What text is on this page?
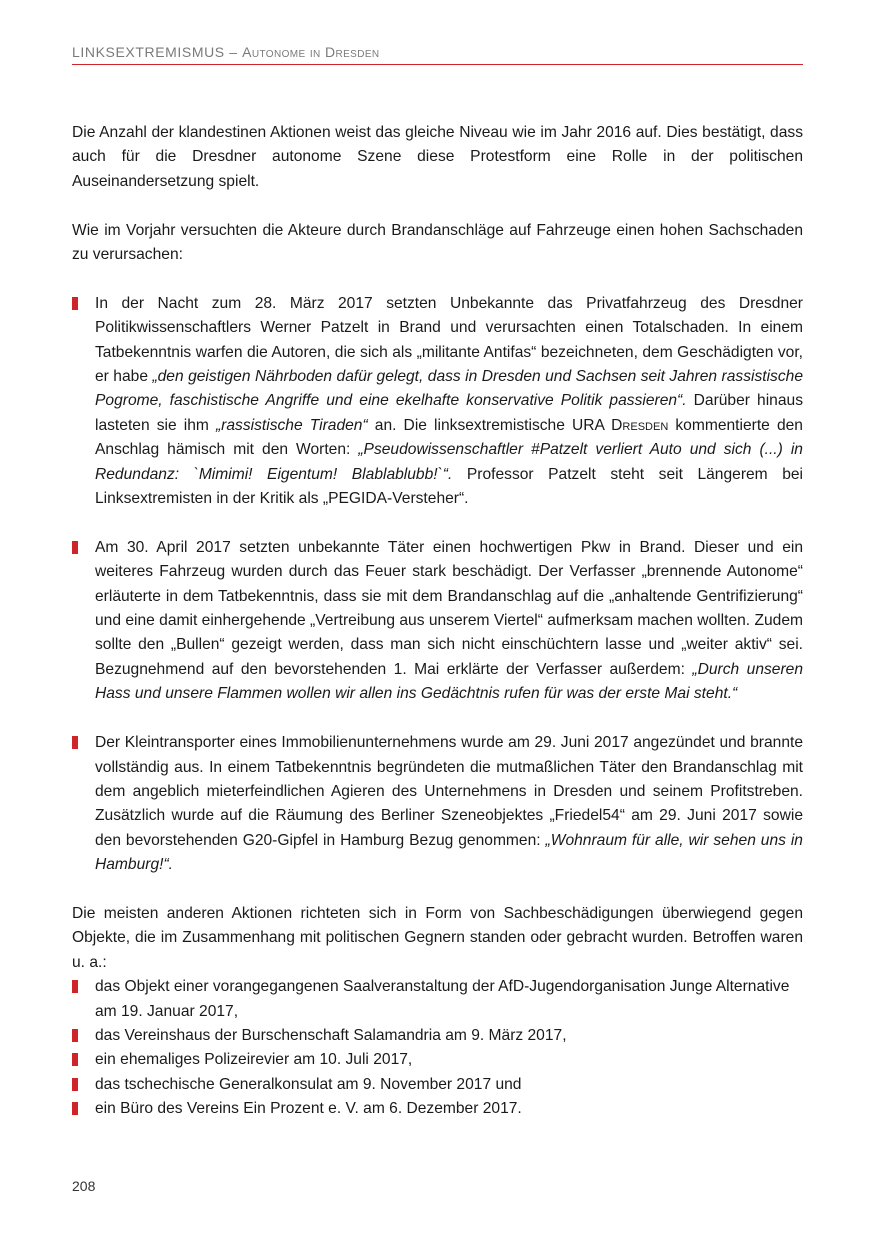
LINKSEXTREMISMUS – Autonome in Dresden

Die Anzahl der klandestinen Aktionen weist das gleiche Niveau wie im Jahr 2016 auf. Dies bestätigt, dass auch für die Dresdner autonome Szene diese Protestform eine Rolle in der politischen Auseinandersetzung spielt.

Wie im Vorjahr versuchten die Akteure durch Brandanschläge auf Fahrzeuge einen hohen Sachschaden zu verursachen:

In der Nacht zum 28. März 2017 setzten Unbekannte das Privatfahrzeug des Dresdner Politikwissenschaftlers Werner Patzelt in Brand und verursachten einen Totalschaden. In einem Tatbekenntnis warfen die Autoren, die sich als „militante Antifas“ bezeichneten, dem Geschädigten vor, er habe „den geistigen Nährboden dafür gelegt, dass in Dresden und Sachsen seit Jahren rassistische Pogrome, faschistische Angriffe und eine ekelhafte konservative Politik passieren“. Darüber hinaus lasteten sie ihm „rassistische Tiraden“ an. Die linksextremistische URA Dresden kommentierte den Anschlag hämisch mit den Worten: „Pseudowissenschaftler #Patzelt verliert Auto und sich (...) in Redundanz: `Mimimi! Eigentum! Blablablubb!`“. Professor Patzelt steht seit Längerem bei Linksextremisten in der Kritik als „PEGIDA-Versteher“.
Am 30. April 2017 setzten unbekannte Täter einen hochwertigen Pkw in Brand. Dieser und ein weiteres Fahrzeug wurden durch das Feuer stark beschädigt. Der Verfasser „brennende Autonome“ erläuterte in dem Tatbekenntnis, dass sie mit dem Brandanschlag auf die „anhaltende Gentrifizierung“ und eine damit einhergehende „Vertreibung aus unserem Viertel“ aufmerksam machen wollten. Zudem sollte den „Bullen“ gezeigt werden, dass man sich nicht einschüchtern lasse und „weiter aktiv“ sei. Bezugnehmend auf den bevorstehenden 1. Mai erklärte der Verfasser außerdem: „Durch unseren Hass und unsere Flammen wollen wir allen ins Gedächtnis rufen für was der erste Mai steht.“
Der Kleintransporter eines Immobilienunternehmens wurde am 29. Juni 2017 angezündet und brannte vollständig aus. In einem Tatbekenntnis begründeten die mutmaßlichen Täter den Brandanschlag mit dem angeblich mieterfeindlichen Agieren des Unternehmens in Dresden und seinem Profitstreben. Zusätzlich wurde auf die Räumung des Berliner Szeneobjektes „Friedel54“ am 29. Juni 2017 sowie den bevorstehenden G20-Gipfel in Hamburg Bezug genommen: „Wohnraum für alle, wir sehen uns in Hamburg!“.

Die meisten anderen Aktionen richteten sich in Form von Sachbeschädigungen überwiegend gegen Objekte, die im Zusammenhang mit politischen Gegnern standen oder gebracht wurden. Betroffen waren u. a.:

das Objekt einer vorangegangenen Saalveranstaltung der AfD-Jugendorganisation Junge Alternative am 19. Januar 2017,
das Vereinshaus der Burschenschaft Salamandria am 9. März 2017,
ein ehemaliges Polizeirevier am 10. Juli 2017,
das tschechische Generalkonsulat am 9. November 2017 und
ein Büro des Vereins Ein Prozent e. V. am 6. Dezember 2017.
208
